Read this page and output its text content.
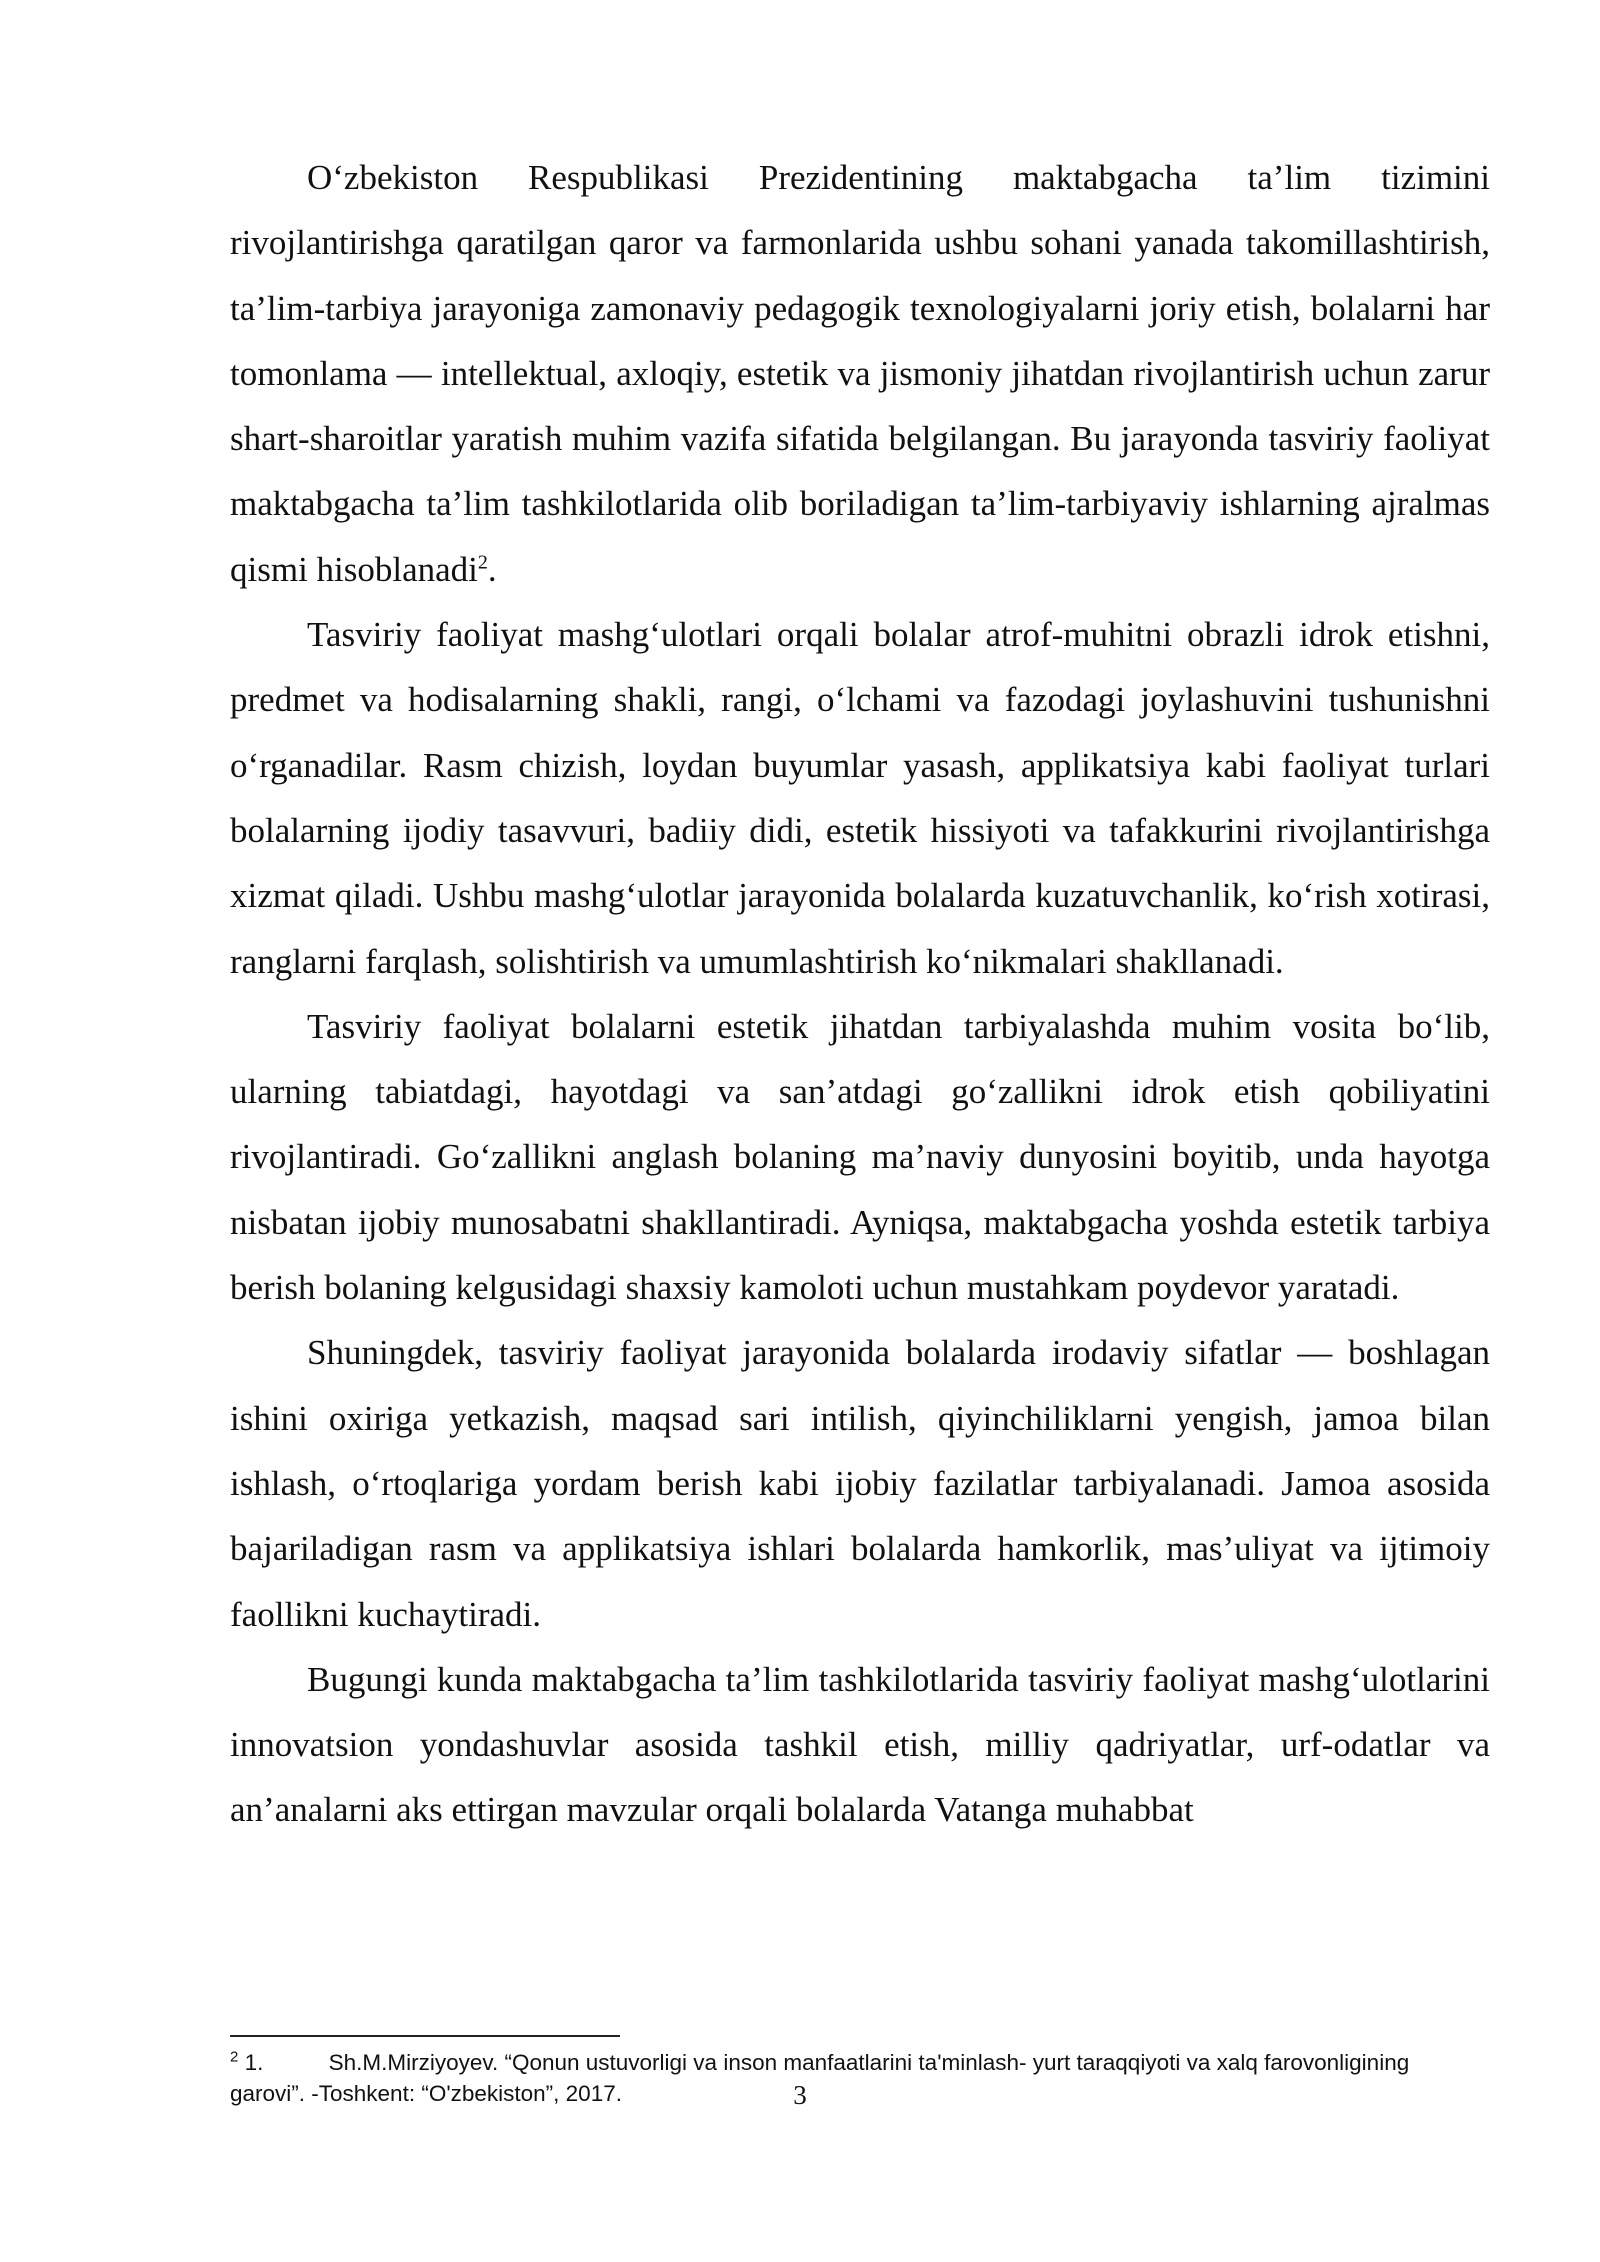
O‘zbekiston Respublikasi Prezidentining maktabgacha ta’lim tizimini rivojlantirishga qaratilgan qaror va farmonlarida ushbu sohani yanada takomillashtirish, ta’lim-tarbiya jarayoniga zamonaviy pedagogik texnologiyalarni joriy etish, bolalarni har tomonlama — intellektual, axloqiy, estetik va jismoniy jihatdan rivojlantirish uchun zarur shart-sharoitlar yaratish muhim vazifa sifatida belgilangan. Bu jarayonda tasviriy faoliyat maktabgacha ta’lim tashkilotlarida olib boriladigan ta’lim-tarbiyaviy ishlarning ajralmas qismi hisoblanadi$^2$.

Tasviriy faoliyat mashg‘ulotlari orqali bolalar atrof-muhitni obrazli idrok etishni, predmet va hodisalarning shakli, rangi, o‘lchami va fazodagi joylashuvini tushunishni o‘rganadilar. Rasm chizish, loydan buyumlar yasash, applikatsiya kabi faoliyat turlari bolalarning ijodiy tasavvuri, badiiy didi, estetik hissiyoti va tafakkurini rivojlantirishga xizmat qiladi. Ushbu mashg‘ulotlar jarayonida bolalarda kuzatuvchanlik, ko‘rish xotirasi, ranglarni farqlash, solishtirish va umumlashtirish ko‘nikmalari shakllanadi.

Tasviriy faoliyat bolalarni estetik jihatdan tarbiyalashda muhim vosita bo‘lib, ularning tabiatdagi, hayotdagi va san’atdagi go‘zallikni idrok etish qobiliyatini rivojlantiradi. Go‘zallikni anglash bolaning ma’naviy dunyosini boyitib, unda hayotga nisbatan ijobiy munosabatni shakllantiradi. Ayniqsa, maktabgacha yoshda estetik tarbiya berish bolaning kelgusidagi shaxsiy kamoloti uchun mustahkam poydevor yaratadi.

Shuningdek, tasviriy faoliyat jarayonida bolalarda irodaviy sifatlar — boshlagan ishini oxiriga yetkazish, maqsad sari intilish, qiyinchiliklarni yengish, jamoa bilan ishlash, o‘rtoqlariga yordam berish kabi ijobiy fazilatlar tarbiyalanadi. Jamoa asosida bajariladigan rasm va applikatsiya ishlari bolalarda hamkorlik, mas’uliyat va ijtimoiy faollikni kuchaytiradi.

Bugungi kunda maktabgacha ta’lim tashkilotlarida tasviriy faoliyat mashg‘ulotlarini innovatsion yondashuvlar asosida tashkil etish, milliy qadriyatlar, urf-odatlar va an’analarni aks ettirgan mavzular orqali bolalarda Vatanga muhabbat

$^2$ 1.	Sh.M.Mirziyoyev. “Qonun ustuvorligi va inson manfaatlarini ta'minlash- yurt taraqqiyoti va xalq farovonligining garovi”. -Toshkent: “O'zbekiston”, 2017.	3
